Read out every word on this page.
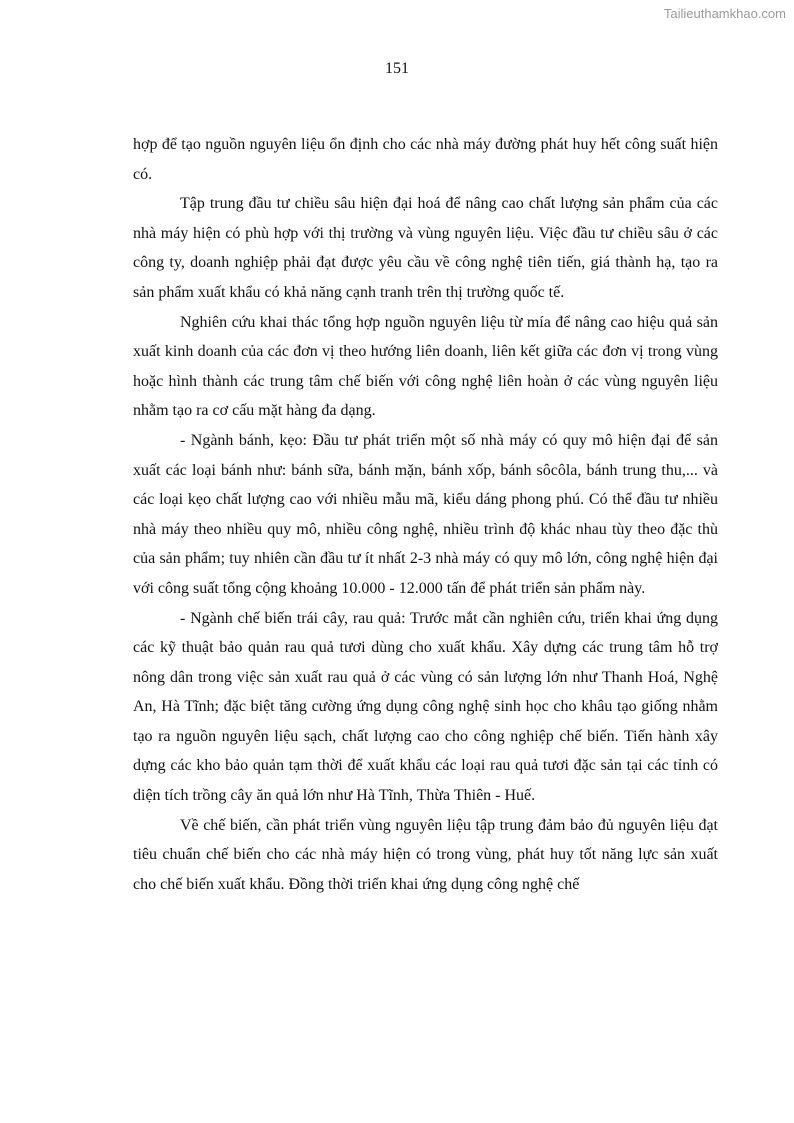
Tailieuthamkhao.com
151

hợp để tạo nguồn nguyên liệu ổn định cho các nhà máy đường phát huy hết công suất hiện có.

Tập trung đầu tư chiều sâu hiện đại hoá để nâng cao chất lượng sản phẩm của các nhà máy hiện có phù hợp với thị trường và vùng nguyên liệu. Việc đầu tư chiều sâu ở các công ty, doanh nghiệp phải đạt được yêu cầu về công nghệ tiên tiến, giá thành hạ, tạo ra sản phẩm xuất khẩu có khả năng cạnh tranh trên thị trường quốc tế.

Nghiên cứu khai thác tổng hợp nguồn nguyên liệu từ mía để nâng cao hiệu quả sản xuất kinh doanh của các đơn vị theo hướng liên doanh, liên kết giữa các đơn vị trong vùng hoặc hình thành các trung tâm chế biến với công nghệ liên hoàn ở các vùng nguyên liệu nhằm tạo ra cơ cấu mặt hàng đa dạng.

- Ngành bánh, kẹo: Đầu tư phát triển một số nhà máy có quy mô hiện đại để sản xuất các loại bánh như: bánh sữa, bánh mặn, bánh xốp, bánh sôcôla, bánh trung thu,... và các loại kẹo chất lượng cao với nhiều mẫu mã, kiểu dáng phong phú. Có thể đầu tư nhiều nhà máy theo nhiều quy mô, nhiều công nghệ, nhiều trình độ khác nhau tùy theo đặc thù của sản phẩm; tuy nhiên cần đầu tư ít nhất 2-3 nhà máy có quy mô lớn, công nghệ hiện đại với công suất tổng cộng khoảng 10.000 - 12.000 tấn để phát triển sản phẩm này.

- Ngành chế biến trái cây, rau quả: Trước mắt cần nghiên cứu, triển khai ứng dụng các kỹ thuật bảo quản rau quả tươi dùng cho xuất khẩu. Xây dựng các trung tâm hỗ trợ nông dân trong việc sản xuất rau quả ở các vùng có sản lượng lớn như Thanh Hoá, Nghệ An, Hà Tĩnh; đặc biệt tăng cường ứng dụng công nghệ sinh học cho khâu tạo giống nhằm tạo ra nguồn nguyên liệu sạch, chất lượng cao cho công nghiệp chế biến. Tiến hành xây dựng các kho bảo quản tạm thời để xuất khẩu các loại rau quả tươi đặc sản tại các tỉnh có diện tích trồng cây ăn quả lớn như Hà Tĩnh, Thừa Thiên - Huế.

Về chế biến, cần phát triển vùng nguyên liệu tập trung đảm bảo đủ nguyên liệu đạt tiêu chuẩn chế biến cho các nhà máy hiện có trong vùng, phát huy tốt năng lực sản xuất cho chế biến xuất khẩu. Đồng thời triển khai ứng dụng công nghệ chế
